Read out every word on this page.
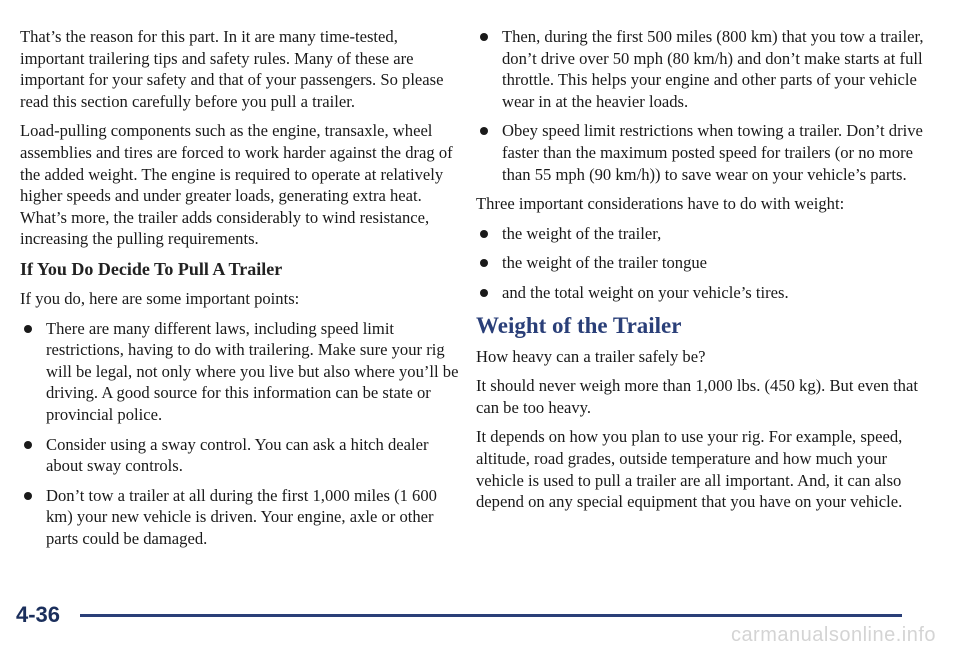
That’s the reason for this part. In it are many time-tested, important trailering tips and safety rules. Many of these are important for your safety and that of your passengers. So please read this section carefully before you pull a trailer.

Load-pulling components such as the engine, transaxle, wheel assemblies and tires are forced to work harder against the drag of the added weight. The engine is required to operate at relatively higher speeds and under greater loads, generating extra heat. What’s more, the trailer adds considerably to wind resistance, increasing the pulling requirements.

If You Do Decide To Pull A Trailer

If you do, here are some important points:

There are many different laws, including speed limit restrictions, having to do with trailering. Make sure your rig will be legal, not only where you live but also where you’ll be driving. A good source for this information can be state or provincial police.
Consider using a sway control. You can ask a hitch dealer about sway controls.
Don’t tow a trailer at all during the first 1,000 miles (1 600 km) your new vehicle is driven. Your engine, axle or other parts could be damaged.
Then, during the first 500 miles (800 km) that you tow a trailer, don’t drive over 50 mph (80 km/h) and don’t make starts at full throttle. This helps your engine and other parts of your vehicle wear in at the heavier loads.
Obey speed limit restrictions when towing a trailer. Don’t drive faster than the maximum posted speed for trailers (or no more than 55 mph (90 km/h)) to save wear on your vehicle’s parts.

Three important considerations have to do with weight:

the weight of the trailer,
the weight of the trailer tongue
and the total weight on your vehicle’s tires.
Weight of the Trailer

How heavy can a trailer safely be?

It should never weigh more than 1,000 lbs. (450 kg). But even that can be too heavy.

It depends on how you plan to use your rig. For example, speed, altitude, road grades, outside temperature and how much your vehicle is used to pull a trailer are all important. And, it can also depend on any special equipment that you have on your vehicle.

4-36
carmanualsonline.info
